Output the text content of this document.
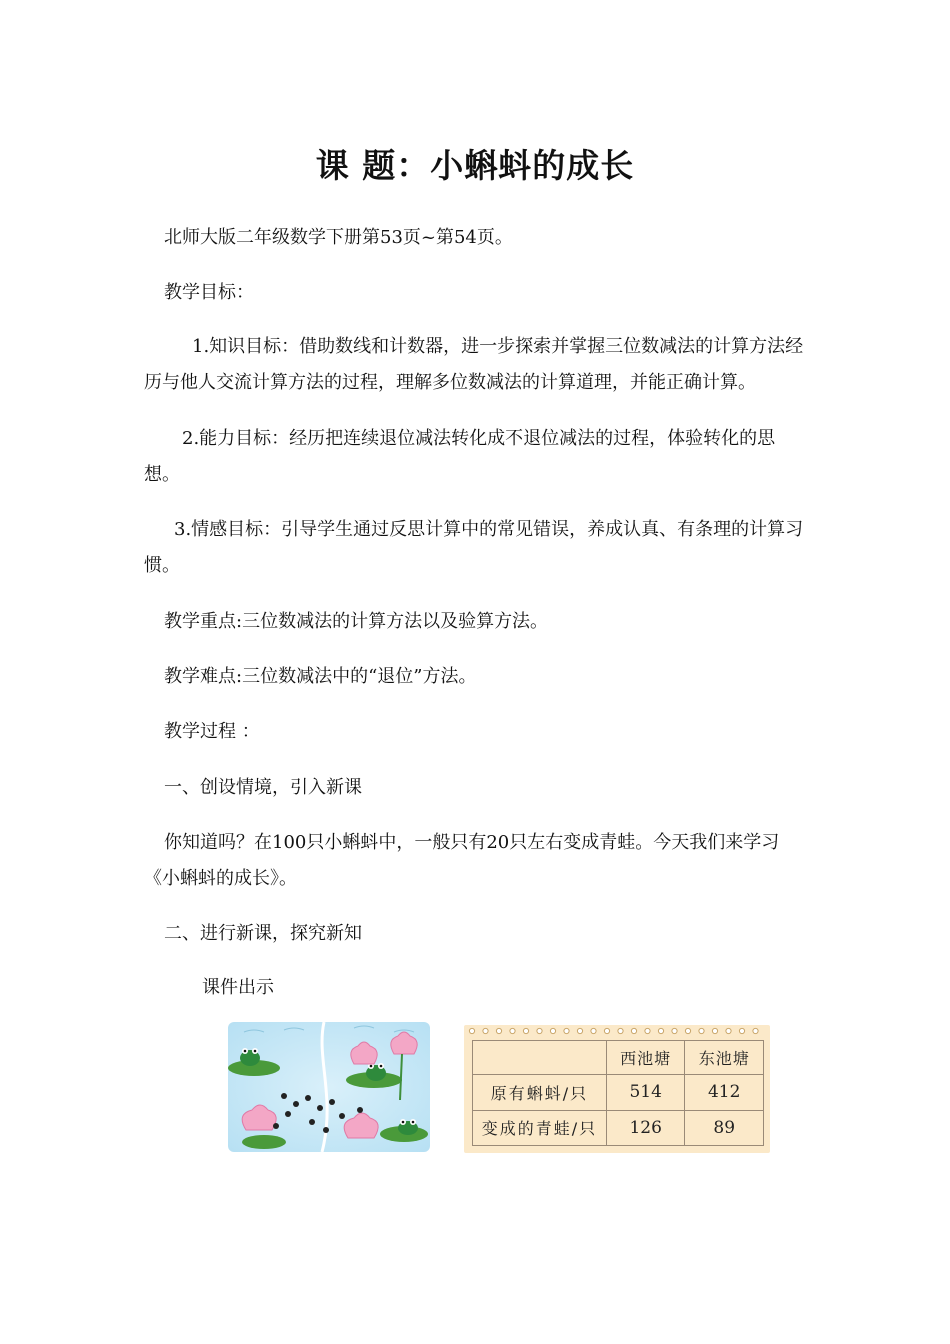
课 题：小蝌蚪的成长
北师大版二年级数学下册第53页~第54页。
教学目标：
1.知识目标：借助数线和计数器，进一步探索并掌握三位数减法的计算方法经历与他人交流计算方法的过程，理解多位数减法的计算道理，并能正确计算。
2.能力目标：经历把连续退位减法转化成不退位减法的过程，体验转化的思想。
3.情感目标：引导学生通过反思计算中的常见错误，养成认真、有条理的计算习惯。
教学重点:三位数减法的计算方法以及验算方法。
教学难点:三位数减法中的“退位”方法。
教学过程 ：
一、创设情境，引入新课
你知道吗？在100只小蝌蚪中，一般只有20只左右变成青蛙。今天我们来学习《小蝌蚪的成长》。
二、进行新课，探究新知
课件出示
	西池塘	东池塘
原有蝌蚪/只	514	412
变成的青蛙/只	126	89
